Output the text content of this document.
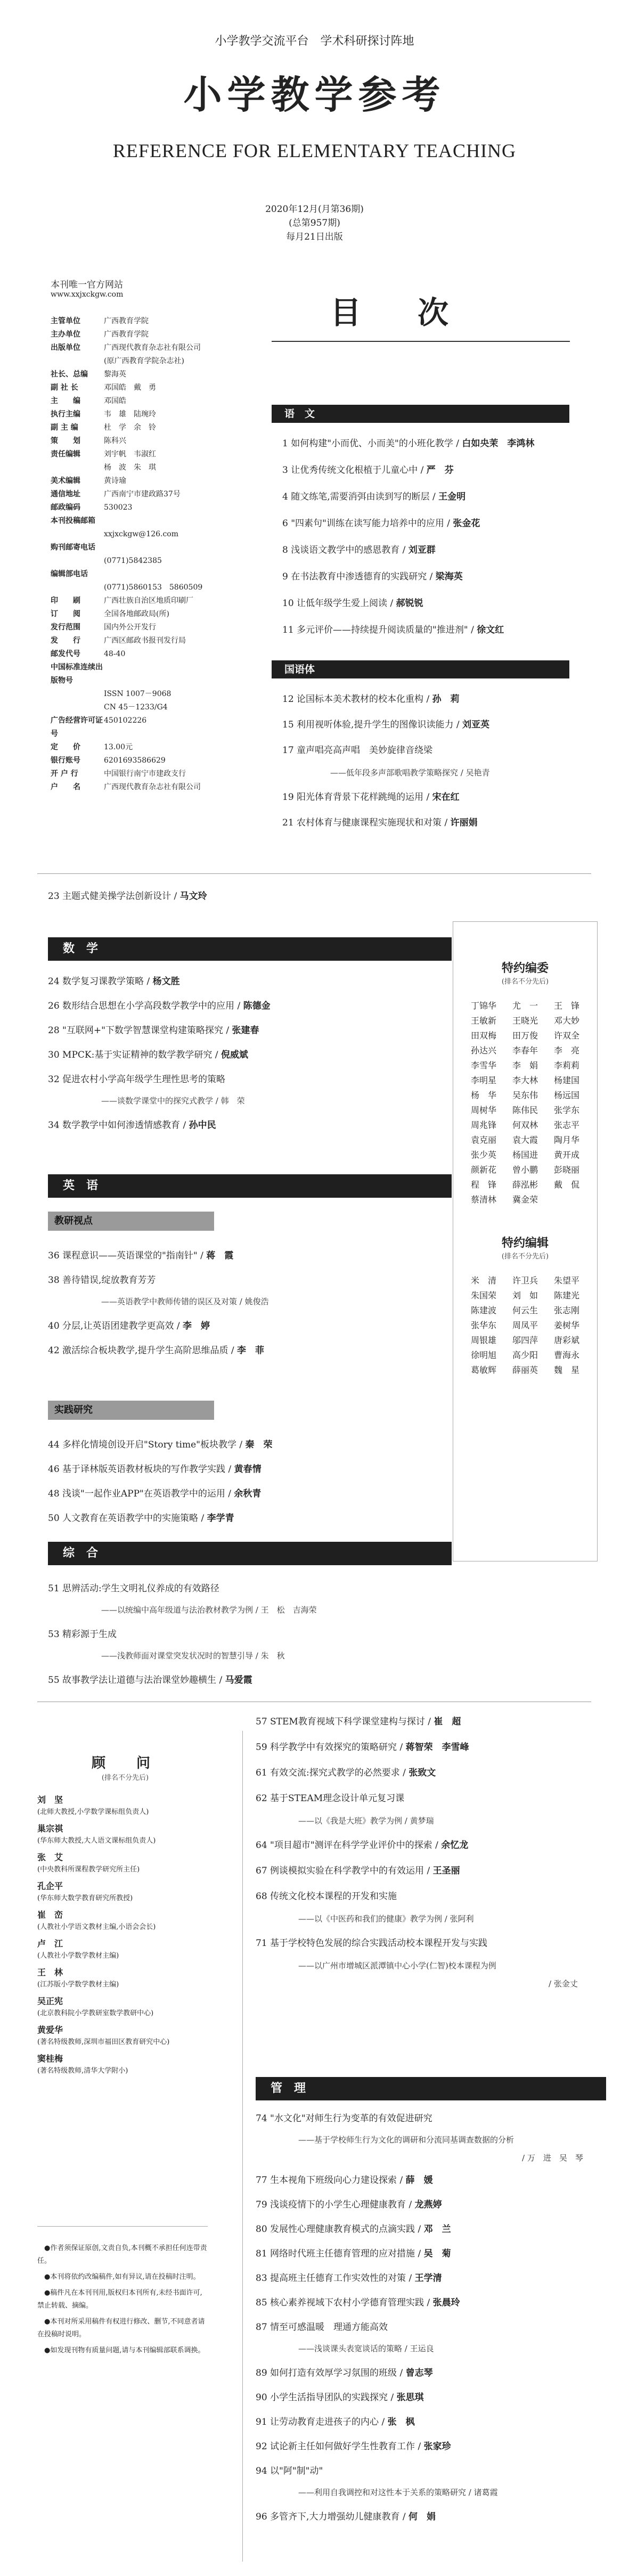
小学教学交流平台　学术科研探讨阵地
小学教学参考
REFERENCE FOR ELEMENTARY TEACHING
2020年12月(月第36期)
(总第957期)
每月21日出版
本刊唯一官方网站
www.xxjxckgw.com
主管单位	广西教育学院
主办单位	广西教育学院
出版单位	广西现代教育杂志社有限公司
(原广西教育学院杂志社)
社长、总编	黎海英
副 社 长	邓国皓　戴　勇
主　　编	邓国皓
执行主编	韦　雄　陆琬玲
副 主 编	杜　学　余　铃
策　　划	陈科兴
责任编辑	刘宇帆　韦淑红
杨　波　朱　琪
美术编辑	黄诗瑜
通信地址	广西南宁市建政路37号
邮政编码	530023
本刊投稿邮箱
xxjxckgw@126.com
购刊邮寄电话
(0771)5842385
编辑部电话
(0771)5860153　5860509
印　　刷	广西壮族自治区地质印刷厂
订　　阅	全国各地邮政局(所)
发行范围	国内外公开发行
发　　行	广西区邮政书报刊发行局
邮发代号	48-40
中国标准连续出版物号
ISSN 1007－9068
CN 45－1233/G4
广告经营许可证号
450102226
定　　价	13.00元
银行账号	6201693586629
开 户 行	中国银行南宁市建政支行
户　　名	广西现代教育杂志社有限公司
目　次
语　文
1 如何构建"小而优、小而美"的小班化教学 / 白如央茉　李鸿林
3 让优秀传统文化根植于儿童心中 / 严　芬
4 随文练笔,需要消弭由读到写的断层 / 王金明
6 "四素句"训练在读写能力培养中的应用 / 张金花
8 浅谈语文教学中的感恩教育 / 刘亚群
9 在书法教育中渗透德育的实践研究 / 梁海英
10 让低年级学生爱上阅读 / 郝锐锐
11 多元评价——持续提升阅读质量的"推进剂" / 徐文红
国语体
12 论国标本美术教材的校本化重构 / 孙　莉
15 利用视听体验,提升学生的图像识读能力 / 刘亚英
17 童声唱亮高声唱　美妙旋律音绕梁
——低年段多声部歌唱教学策略探究 / 吴艳青
19 阳光体育背景下花样跳绳的运用 / 宋在红
21 农村体育与健康课程实施现状和对策 / 许丽娟
23 主题式健美操学法创新设计 / 马文玲
数　学
24 数学复习课教学策略 / 杨文胜
26 数形结合思想在小学高段数学教学中的应用 / 陈德金
28 "互联网+"下数学智慧课堂构建策略探究 / 张建春
30 MPCK:基于实证精神的数学教学研究 / 倪威斌
32 促进农村小学高年级学生理性思考的策略
——谈数学课堂中的探究式教学 / 韩　荣
34 数学教学中如何渗透情感教育 / 孙中民
英　语
教研视点
36 课程意识——英语课堂的"指南针" / 蒋　霞
38 善待错误,绽放教育芳芳
——英语教学中教师传错的误区及对策 / 姚俊浩
40 分层,让英语团建教学更高效 / 李　婷
42 激活综合板块教学,提升学生高阶思维品质 / 李　菲
实践研究
44 多样化情境创设开启"Story time"板块教学 / 秦　荣
46 基于译林版英语教材板块的写作教学实践 / 黄春情
48 浅谈"一起作业APP"在英语教学中的运用 / 余秋青
50 人文教育在英语教学中的实施策略 / 李学青
综　合
51 思辨活动:学生文明礼仪养成的有效路径
——以统编中高年级道与法治教材教学为例 / 王　松　吉海荣
53 精彩源于生成
——浅教师面对课堂突发状况时的智慧引导 / 朱　秋
55 故事教学法让道德与法治课堂妙趣横生 / 马爱霞
特约编委
(排名不分先后)
丁锦华	尤　一	王　锋
王敏新	王晓光	邓大妙
田双梅	田万俊	许双全
孙达兴	李春年	李　亮
李雪华	李　娟	李莉莉
李明星	李大林	杨建国
杨　华	吴东伟	杨远国
周树华	陈伟民	张学东
周兆锋	何双林	张志平
袁克丽	袁大霞	陶月华
张少英	杨国进	黄开成
颜新花	曾小鹏	彭晓丽
程　锋	薛泓彬	戴　侃
蔡清林	冀金荣
特约编辑
(排名不分先后)
米　清	许卫兵	朱望平
朱国荣	刘　如	陈建光
陈建波	何云生	张志刚
张华东	周凤平	姜树华
周银雄	邬四萍	唐彩斌
徐明旭	高少阳	曹海永
葛敏辉	薛丽英	魏　星
顾　问
(排名不分先后)
刘　坚
(北师大教授,小学数学课标组负责人)
巢宗祺
(华东师大教授,大人语文课标组负责人)
张　艾
(中央教科所课程教学研究所主任)
孔企平
(华东师大数学教育研究所教授)
崔　峦
(人教社小学语文教材主编,小语会会长)
卢　江
(人教社小学数学教材主编)
王　林
(江苏版小学数学教材主编)
吴正宪
(北京教科院小学教研室数学教研中心)
黄爱华
(著名特级教师,深圳市福田区教育研究中心)
窦桂梅
(著名特级教师,清华大学附小)

●作者须保证原创,文责自负,本刊概不承担任何连带责任。

●本刊将依约改编稿件,如有异议,请在投稿时注明。

●稿件凡在本刊刊用,版权归本刊所有,未经书面许可,禁止转载、摘编。

●本刊对所采用稿件有权进行修改、删节,不同意者请在投稿时说明。

●如发现刊物有质量问题,请与本刊编辑部联系调换。

57 STEM教育视域下科学课堂建构与探讨 / 崔　超
59 科学教学中有效探究的策略研究 / 蒋智荣　李雪峰
61 有效交流:探究式教学的必然要求 / 张致文
62 基于STEAM理念设计单元复习课
——以《我是大班》教学为例 / 黄梦瑞
64 "项目超市"测评在科学学业评价中的探索 / 余忆龙
67 例谈模拟实验在科学教学中的有效运用 / 王圣丽
68 传统文化校本课程的开发和实施
——以《中医药和我们的健康》教学为例 / 张阿利
71 基于学校特色发展的综合实践活动校本课程开发与实践
——以广州市增城区派潭镇中心小学(仁智)校本课程为例
/ 张金丈
管　理
74 "水文化"对师生行为变革的有效促进研究
——基于学校师生行为文化的调研和分流同基调查数据的分析
/ 万　进　吴　琴
77 生本视角下班级向心力建设探索 / 薛　媛
79 浅谈疫情下的小学生心理健康教育 / 龙燕婷
80 发展性心理健康教育模式的点滴实践 / 邓　兰
81 网络时代班主任德育管理的应对措施 / 吴　菊
83 提高班主任德育工作实效性的对策 / 王学清
85 核心素养视域下农村小学德育管理实践 / 张晨玲
87 情至可感温暖　理通方能高效
——浅谈课头表宽谈话的策略 / 王运良
89 如何打造有效厚学习氛围的班级 / 曾志琴
90 小学生活指导团队的实践探究 / 张思琪
91 让劳动教育走进孩子的内心 / 张　枫
92 试论新主任如何做好学生性教育工作 / 张家珍
94 以"阿"制"动"
——利用自我调控和对这性本于关系的策略研究 / 诸葛霞
96 多管齐下,大力增强幼儿健康教育 / 何　娟
